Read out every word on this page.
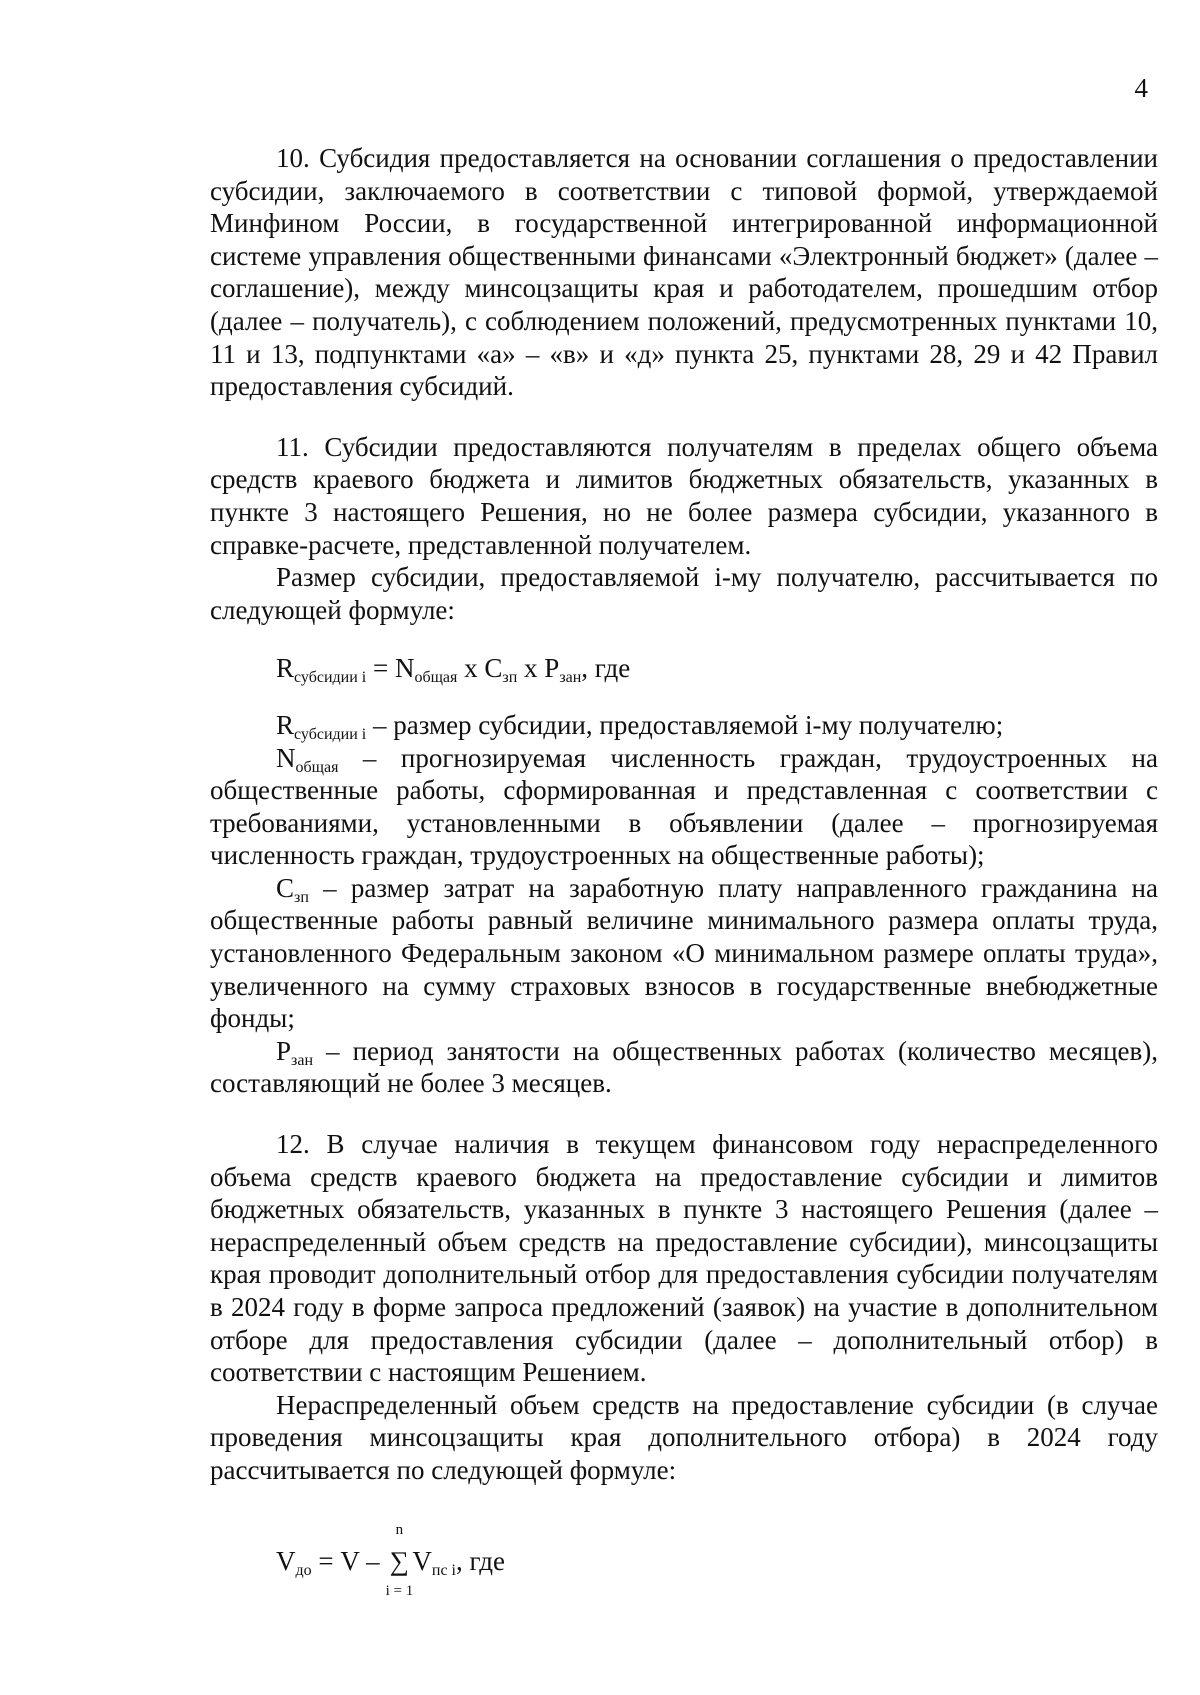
4

10. Субсидия предоставляется на основании соглашения о предоставлении субсидии, заключаемого в соответствии с типовой формой, утверждаемой Минфином России, в государственной интегрированной информационной системе управления общественными финансами «Электронный бюджет» (далее – соглашение), между минсоцзащиты края и работодателем, прошедшим отбор (далее – получатель), с соблюдением положений, предусмотренных пунктами 10, 11 и 13, подпунктами «а» – «в» и «д» пункта 25, пунктами 28, 29 и 42 Правил предоставления субсидий.

11. Субсидии предоставляются получателям в пределах общего объема средств краевого бюджета и лимитов бюджетных обязательств, указанных в пункте 3 настоящего Решения, но не более размера субсидии, указанного в справке-расчете, представленной получателем.

Размер субсидии, предоставляемой i-му получателю, рассчитывается по следующей формуле:

$R_{субсидии i} = N_{общая}$ х $C_{зп}$ х $P_{зан}$, где

$R_{субсидии i}$ – размер субсидии, предоставляемой i-му получателю;

$N_{общая}$ – прогнозируемая численность граждан, трудоустроенных на общественные работы, сформированная и представленная с соответствии с требованиями, установленными в объявлении (далее – прогнозируемая численность граждан, трудоустроенных на общественные работы);

$C_{зп}$ – размер затрат на заработную плату направленного гражданина на общественные работы равный величине минимального размера оплаты труда, установленного Федеральным законом «О минимальном размере оплаты труда», увеличенного на сумму страховых взносов в государственные внебюджетные фонды;

$P_{зан}$ – период занятости на общественных работах (количество месяцев), составляющий не более 3 месяцев.

12. В случае наличия в текущем финансовом году нераспределенного объема средств краевого бюджета на предоставление субсидии и лимитов бюджетных обязательств, указанных в пункте 3 настоящего Решения (далее – нераспределенный объем средств на предоставление субсидии), минсоцзащиты края проводит дополнительный отбор для предоставления субсидии получателям в 2024 году в форме запроса предложений (заявок) на участие в дополнительном отборе для предоставления субсидии (далее – дополнительный отбор) в соответствии с настоящим Решением.

Нераспределенный объем средств на предоставление субсидии (в случае проведения минсоцзащиты края дополнительного отбора) в 2024 году рассчитывается по следующей формуле:

$V_{до} = V$ –
n
∑
i = 1
$V_{пс i}$, где
